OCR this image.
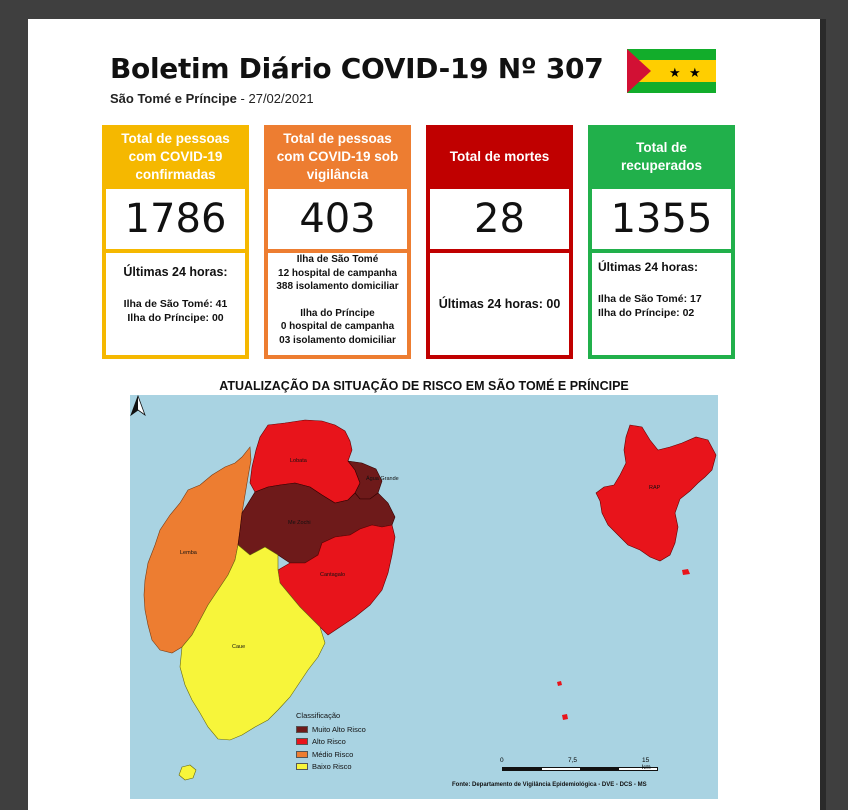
Boletim Diário COVID-19 Nº 307
São Tomé e Príncipe - 27/02/2021
★ ★
Total de pessoas com COVID-19 confirmadas
1786
Últimas 24 horas:
Ilha de São Tomé: 41
Ilha do Príncipe: 00
Total de pessoas com COVID-19 sob vigilância
403
Ilha de São Tomé
12 hospital de campanha
388 isolamento domiciliar
Ilha do Príncipe
0 hospital de campanha
03 isolamento domiciliar
Total de mortes
28
Últimas 24 horas: 00
Total de recuperados
1355
Últimas 24 horas:
Ilha de São Tomé: 17
Ilha do Príncipe: 02
ATUALIZAÇÃO DA SITUAÇÃO DE RISCO EM SÃO TOMÉ E PRÍNCIPE
Lobata
Água Grande
Me Zochi
Lemba
Cantagalo
Caue
RAP
Classificação
Muito Alto Risco
Alto Risco
Médio Risco
Baixo Risco
0	7,5	15 km
Fonte: Departamento de Vigilância Epidemiológica - DVE - DCS - MS
